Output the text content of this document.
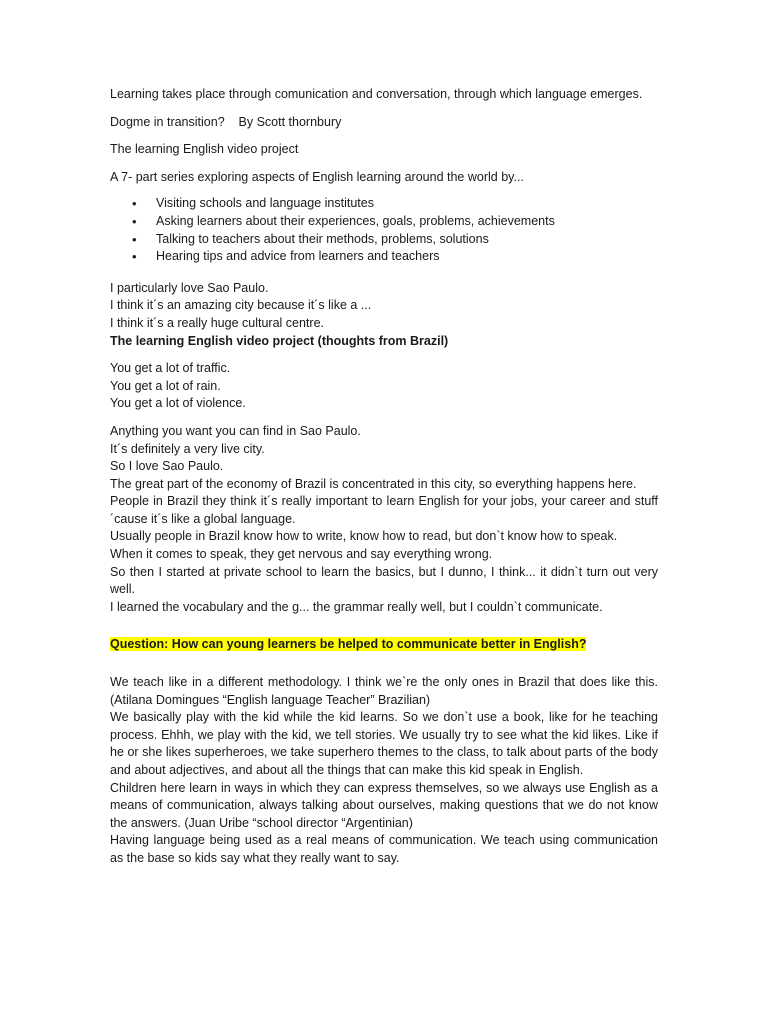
Learning takes place through comunication and conversation, through which language emerges.

Dogme in transition?    By Scott thornbury

The learning English video project

A 7- part series exploring aspects of English learning around the world by...

• Visiting schools and language institutes
• Asking learners about their experiences, goals, problems, achievements
• Talking to teachers about their methods, problems, solutions
• Hearing tips and advice from learners and teachers

I particularly love Sao Paulo.

I think it´s an amazing city because it´s like a ...

I think it´s a really huge cultural centre.

The learning English video project (thoughts from Brazil)

You get a lot of traffic.

You get a lot of rain.

You get a lot of violence.

Anything you want you can find in Sao Paulo.

It´s definitely a very live city.

So I love Sao Paulo.

The great part of the economy of Brazil is concentrated in this city, so everything happens here.

People in Brazil they think it´s really important to learn English for your jobs, your career and stuff ´cause it´s like a global language.

Usually people in Brazil know how to write, know how to read, but don`t know how to speak.

When it comes to speak, they get nervous and say everything wrong.

So then I started at private school to learn the basics, but I dunno, I think... it didn`t turn out very well.

I learned the vocabulary and the g... the grammar really well, but I couldn`t communicate.

Question: How can young learners be helped to communicate better in English?

We teach like in a different methodology. I think we`re the only ones in Brazil that does like this. (Atilana Domingues “English language Teacher” Brazilian)

We basically play with the kid while the kid learns. So we don`t use a book, like for he teaching process. Ehhh, we play with the kid, we tell stories. We usually try to see what the kid likes. Like if he or she likes superheroes, we take superhero themes to the class, to talk about parts of the body and about adjectives, and about all the things that can make this kid speak in English.

Children here learn in ways in which they can express themselves, so we always use English as a means of communication, always talking about ourselves, making questions that we do not know the answers. (Juan Uribe “school director “Argentinian)

Having language being used as a real means of communication. We teach using communication as the base so kids say what they really want to say.
